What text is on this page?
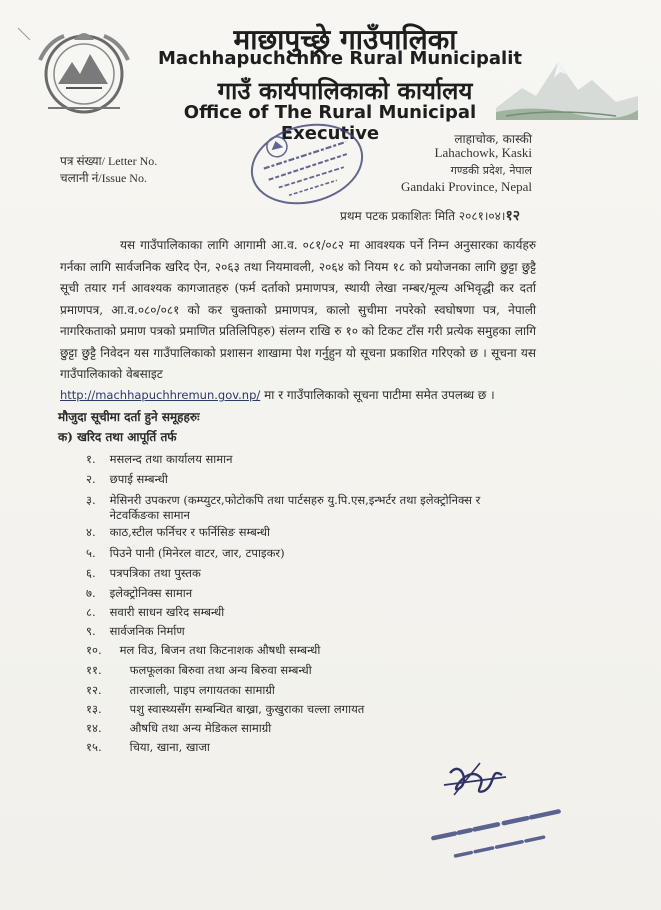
माछापुच्छ्रे गाउँपालिका
Machhapuchchhre Rural Municipalit
गाउँ कार्यपालिकाको कार्यालय
Office of The Rural Municipal Executive	लाहाचोक, कास्की
Lahachowk, Kaski
गण्डकी प्रदेश, नेपाल
Gandaki Province, Nepal
पत्र संख्या/ Letter No.
चलानी नं/Issue No.
प्रथम पटक प्रकाशितः मिति २०८१।०४।१२

यस गाउँपालिकाका लागि आगामी आ.व. ०८१/०८२ मा आवश्यक पर्ने निम्न अनुसारका कार्यहरु गर्नका लागि सार्वजनिक खरिद ऐन, २०६३ तथा नियमावली, २०६४ को नियम १८ को प्रयोजनका लागि छुट्टा छुट्टै सूची तयार गर्न आवश्यक कागजातहरु (फर्म दर्ताको प्रमाणपत्र, स्थायी लेखा नम्बर/मूल्य अभिवृद्धी कर दर्ता प्रमाणपत्र, आ.व.०८०/०८१ को कर चुक्ताको प्रमाणपत्र, कालो सुचीमा नपरेको स्वघोषणा पत्र, नेपाली नागरिकताको प्रमाण पत्रको प्रमाणित प्रतिलिपिहरु) संलग्न राखि रु १० को टिकट टाँस गरी प्रत्येक समुहका लागि छुट्टा छुट्टै निवेदन यस गाउँपालिकाको प्रशासन शाखामा पेश गर्नुहुन यो सूचना प्रकाशित गरिएको छ । सूचना यस गाउँपालिकाको वेबसाइट

http://machhapuchhremun.gov.np/ मा र गाउँपालिकाको सूचना पाटीमा समेत उपलब्ध छ ।
मौजुदा सूचीमा दर्ता हुने समूहहरुः
क) खरिद तथा आपूर्ति तर्फ
१. मसलन्द तथा कार्यालय सामान
२. छपाई सम्बन्धी
३. मेसिनरी उपकरण (कम्प्युटर,फोटोकपि तथा पार्टसहरु यु.पि.एस,इन्भर्टर तथा इलेक्ट्रोनिक्स र
नेटवर्किङका सामान
४. काठ,स्टील फर्निचर र फर्निसिङ सम्बन्धी
५. पिउने पानी (मिनेरल वाटर, जार, टपाइकर)
६. पत्रपत्रिका तथा पुस्तक
७. इलेक्ट्रोनिक्स सामान
८. सवारी साधन खरिद सम्बन्धी
९. सार्वजनिक निर्माण
१०. मल विउ, बिजन तथा किटनाशक औषधी सम्बन्धी
११. फलफूलका बिरुवा तथा अन्य बिरुवा सम्बन्धी
१२. तारजाली, पाइप लगायतका सामाग्री
१३. पशु स्वास्थ्यसँग सम्बन्धित बाख्रा, कुखुराका चल्ला लगायत
१४. औषधि तथा अन्य मेडिकल सामाग्री
१५. चिया, खाना, खाजा
